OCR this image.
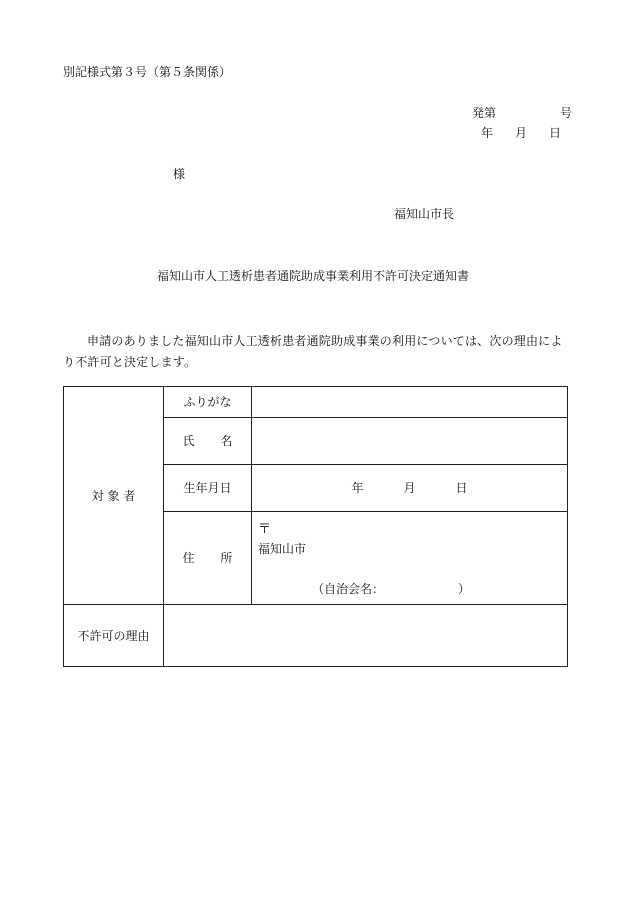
別記様式第３号（第５条関係）
発第	号
年 月 日
様
福知山市長
福知山市人工透析患者通院助成事業利用不許可決定通知書
申請のありました福知山市人工透析患者通院助成事業の利用については、次の理由により不許可と決定します。
対 象 者	ふりがな	
	氏 名	
	生年月日	年 月 日
	住 所	〒
福知山市
（自治会名： ）

不許可の理由		
